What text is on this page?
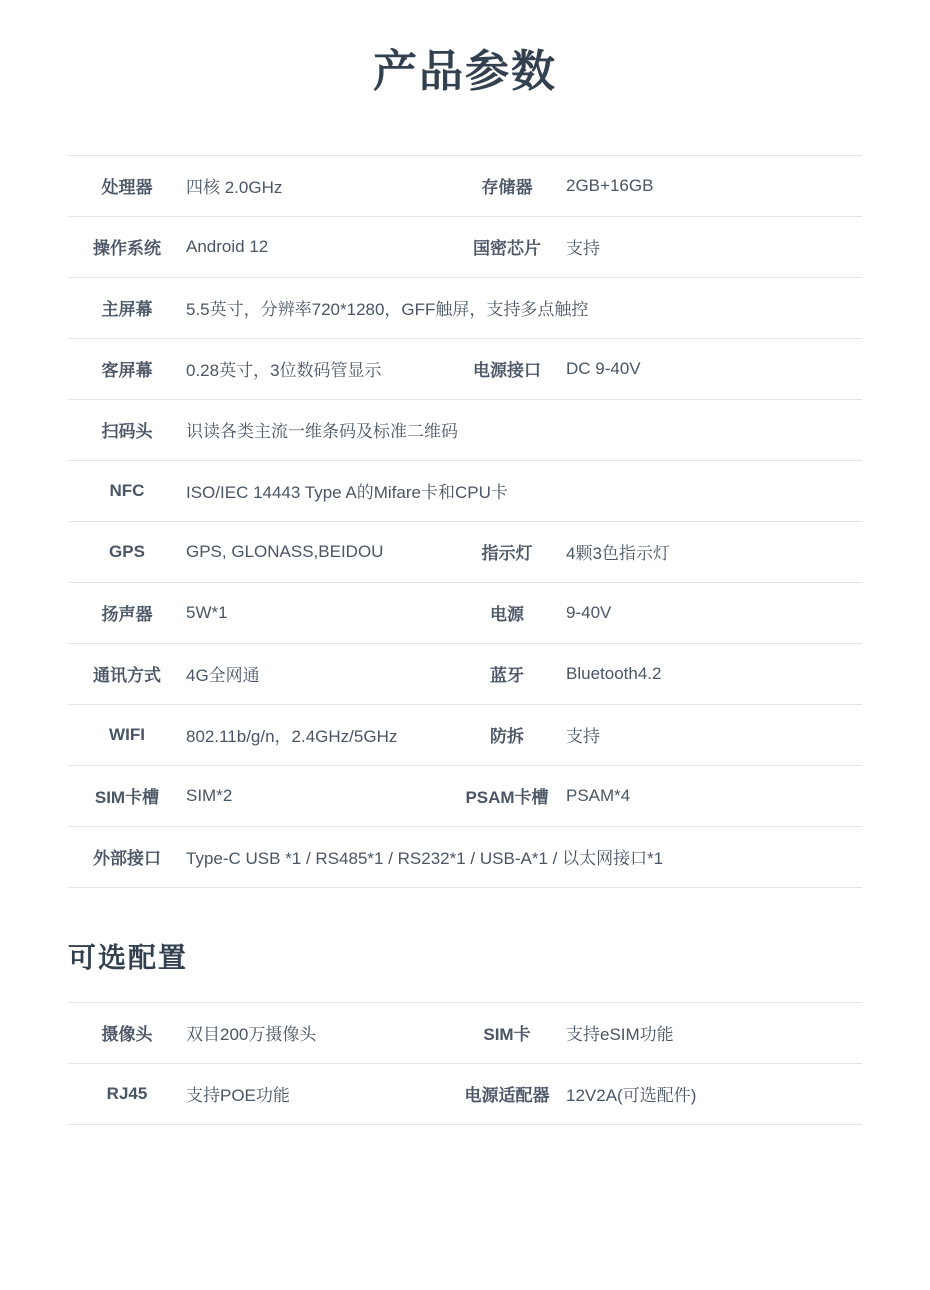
产品参数
处理器	四核 2.0GHz	存储器	2GB+16GB
操作系统	Android 12	国密芯片	支持
主屏幕	5.5英寸，分辨率720*1280，GFF触屏，支持多点触控		
客屏幕	0.28英寸，3位数码管显示	电源接口	DC 9-40V
扫码头	识读各类主流一维条码及标准二维码		
NFC	ISO/IEC 14443 Type A的Mifare卡和CPU卡		
GPS	GPS, GLONASS,BEIDOU	指示灯	4颗3色指示灯
扬声器	5W*1	电源	9-40V
通讯方式	4G全网通	蓝牙	Bluetooth4.2
WIFI	802.11b/g/n，2.4GHz/5GHz	防拆	支持
SIM卡槽	SIM*2	PSAM卡槽	PSAM*4
外部接口	Type-C USB *1 / RS485*1 / RS232*1 / USB-A*1 / 以太网接口*1		
可选配置
摄像头	双目200万摄像头	SIM卡	支持eSIM功能
RJ45	支持POE功能	电源适配器	12V2A(可选配件)
